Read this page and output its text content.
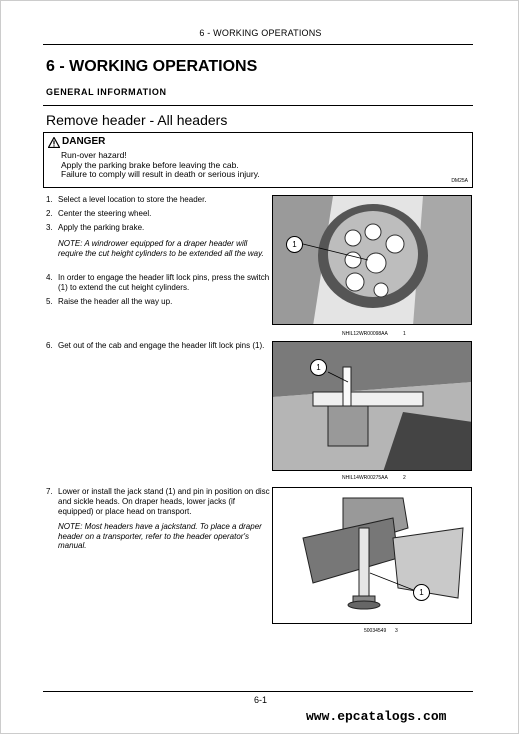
6 - WORKING OPERATIONS
6 - WORKING OPERATIONS
GENERAL INFORMATION
Remove header - All headers
DANGER
Run-over hazard!
Apply the parking brake before leaving the cab.
Failure to comply will result in death or serious injury.
DM25A
1. Select a level location to store the header.
2. Center the steering wheel.
3. Apply the parking brake.
NOTE: A windrower equipped for a draper header will require the cut height cylinders to be extended all the way.
4. In order to engage the header lift lock pins, press the switch (1) to extend the cut height cylinders.
5. Raise the header all the way up.
1
NHIL12WR00098AA	1
6. Get out of the cab and engage the header lift lock pins (1).
1
NHIL14WR00275AA	2
7. Lower or install the jack stand (1) and pin in position on disc and sickle heads. On draper heads, lower jacks (if equipped) or place head on transport.
NOTE: Most headers have a jackstand. To place a draper header on a transporter, refer to the header operator's manual.
1
50034549 3
6-1
www.epcatalogs.com
